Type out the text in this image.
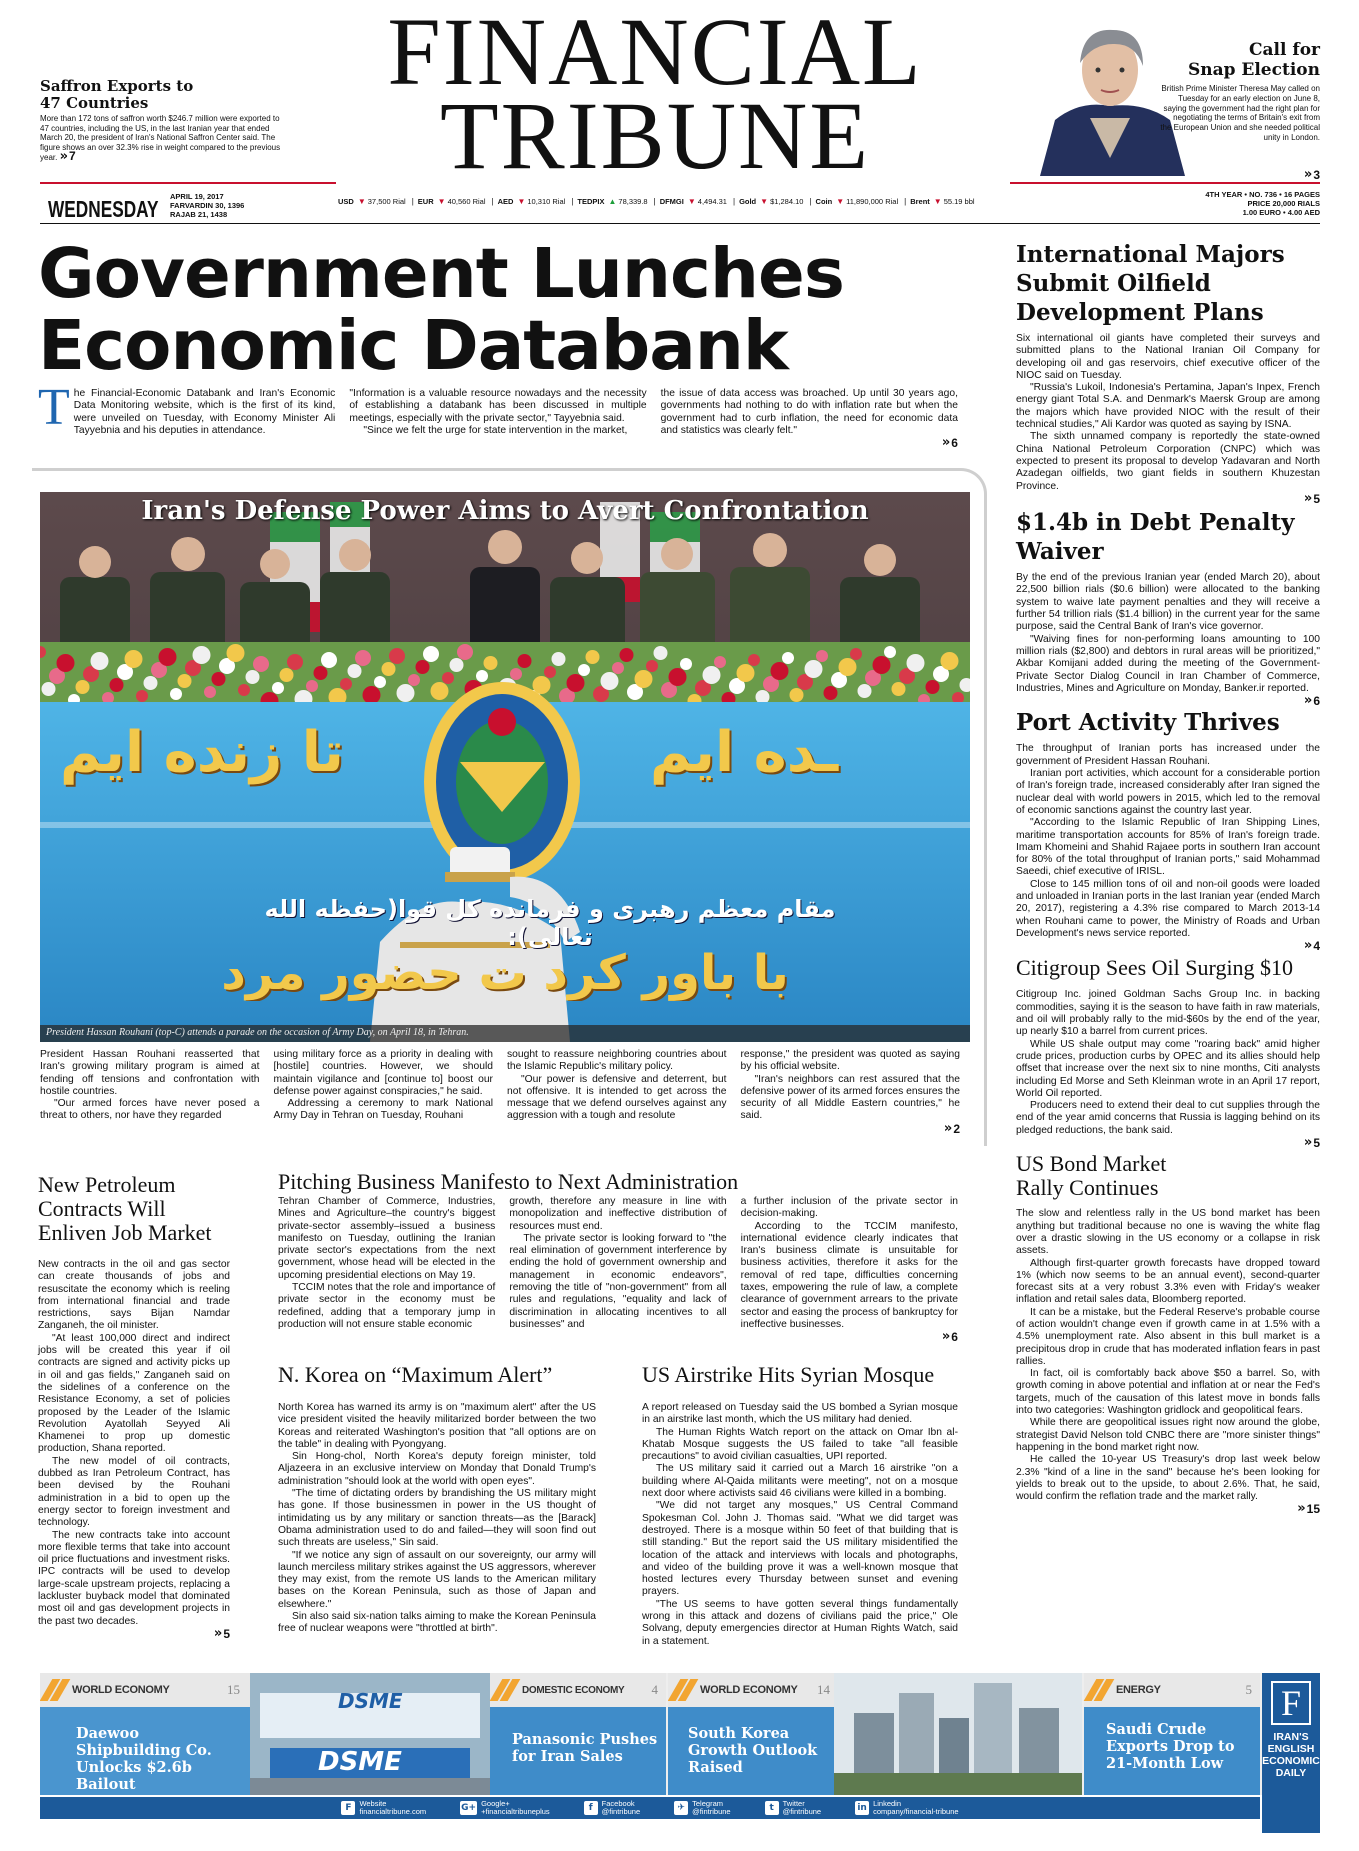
Saffron Exports to 47 Countries
More than 172 tons of saffron worth $246.7 million were exported to 47 countries, including the US, in the last Iranian year that ended March 20, the president of Iran's National Saffron Center said. The figure shows an over 32.3% rise in weight compared to the previous year. » 7
FINANCIAL
TRIBUNE
WEDNESDAY APRIL 19, 2017
FARVARDIN 30, 1396
RAJAB 21, 1438
USD ▼ 37,500 Rial | EUR ▼ 40,560 Rial | AED ▼ 10,310 Rial | TEDPIX ▲ 78,339.8 | DFMGI ▼ 4,494.31 | Gold ▼ $1,284.10 | Coin ▼ 11,890,000 Rial | Brent ▼ 55.19 bbl
4TH YEAR • NO. 736 • 16 PAGES
PRICE 20,000 RIALS
1.00 EURO • 4.00 AED
Call for
Snap Election
British Prime Minister Theresa May called on Tuesday for an early election on June 8, saying the government had the right plan for negotiating the terms of Britain's exit from the European Union and she needed political unity in London.
» 3
Government Lunches
Economic Databank
T he Financial-Economic Databank and Iran's Economic Data Monitoring website, which is the first of its kind, were unveiled on Tuesday, with Economy Minister Ali Tayyebnia and his deputies in attendance.

"Information is a valuable resource nowadays and the necessity of establishing a databank has been discussed in multiple meetings, especially with the private sector," Tayyebnia said.

"Since we felt the urge for state intervention in the market,

the issue of data access was broached. Up until 30 years ago, governments had nothing to do with inflation rate but when the government had to curb inflation, the need for economic data and statistics was clearly felt."
» 6
تا زنده ایم	ـده ایم
مقام معظم رهبری و فرمانده کل قوا(حفظه الله تعالی):
با باور کرد ت حضور مرد
Iran's Defense Power Aims to Avert Confrontation
President Hassan Rouhani (top-C) attends a parade on the occasion of Army Day, on April 18, in Tehran.

President Hassan Rouhani reasserted that Iran's growing military program is aimed at fending off tensions and confrontation with hostile countries.

"Our armed forces have never posed a threat to others, nor have they regarded

using military force as a priority in dealing with [hostile] countries. However, we should maintain vigilance and [continue to] boost our defense power against conspiracies," he said.

Addressing a ceremony to mark National Army Day in Tehran on Tuesday, Rouhani

sought to reassure neighboring countries about the Islamic Republic's military policy.

"Our power is defensive and deterrent, but not offensive. It is intended to get across the message that we defend ourselves against any aggression with a tough and resolute

response," the president was quoted as saying by his official website.

"Iran's neighbors can rest assured that the defensive power of its armed forces ensures the security of all Middle Eastern countries," he said.

» 2
International Majors Submit Oilfield Development Plans

Six international oil giants have completed their surveys and submitted plans to the National Iranian Oil Company for developing oil and gas reservoirs, chief executive officer of the NIOC said on Tuesday.

"Russia's Lukoil, Indonesia's Pertamina, Japan's Inpex, French energy giant Total S.A. and Denmark's Maersk Group are among the majors which have provided NIOC with the result of their technical studies," Ali Kardor was quoted as saying by ISNA.

The sixth unnamed company is reportedly the state-owned China National Petroleum Corporation (CNPC) which was expected to present its proposal to develop Yadavaran and North Azadegan oilfields, two giant fields in southern Khuzestan Province.

» 5
$1.4b in Debt Penalty Waiver

By the end of the previous Iranian year (ended March 20), about 22,500 billion rials ($0.6 billion) were allocated to the banking system to waive late payment penalties and they will receive a further 54 trillion rials ($1.4 billion) in the current year for the same purpose, said the Central Bank of Iran's vice governor.

"Waiving fines for non-performing loans amounting to 100 million rials ($2,800) and debtors in rural areas will be prioritized," Akbar Komijani added during the meeting of the Government-Private Sector Dialog Council in Iran Chamber of Commerce, Industries, Mines and Agriculture on Monday, Banker.ir reported.

» 6
Port Activity Thrives

The throughput of Iranian ports has increased under the government of President Hassan Rouhani.

Iranian port activities, which account for a considerable portion of Iran's foreign trade, increased considerably after Iran signed the nuclear deal with world powers in 2015, which led to the removal of economic sanctions against the country last year.

"According to the Islamic Republic of Iran Shipping Lines, maritime transportation accounts for 85% of Iran's foreign trade. Imam Khomeini and Shahid Rajaee ports in southern Iran account for 80% of the total throughput of Iranian ports," said Mohammad Saeedi, chief executive of IRISL.

Close to 145 million tons of oil and non-oil goods were loaded and unloaded in Iranian ports in the last Iranian year (ended March 20, 2017), registering a 4.3% rise compared to March 2013-14 when Rouhani came to power, the Ministry of Roads and Urban Development's news service reported.

» 4
Citigroup Sees Oil Surging $10

Citigroup Inc. joined Goldman Sachs Group Inc. in backing commodities, saying it is the season to have faith in raw materials, and oil will probably rally to the mid-$60s by the end of the year, up nearly $10 a barrel from current prices.

While US shale output may come "roaring back" amid higher crude prices, production curbs by OPEC and its allies should help offset that increase over the next six to nine months, Citi analysts including Ed Morse and Seth Kleinman wrote in an April 17 report, World Oil reported.

Producers need to extend their deal to cut supplies through the end of the year amid concerns that Russia is lagging behind on its pledged reductions, the bank said.

» 5
US Bond Market Rally Continues

The slow and relentless rally in the US bond market has been anything but traditional because no one is waving the white flag over a drastic slowing in the US economy or a collapse in risk assets.

Although first-quarter growth forecasts have dropped toward 1% (which now seems to be an annual event), second-quarter forecast sits at a very robust 3.3% even with Friday's weaker inflation and retail sales data, Bloomberg reported.

It can be a mistake, but the Federal Reserve's probable course of action wouldn't change even if growth came in at 1.5% with a 4.5% unemployment rate. Also absent in this bull market is a precipitous drop in crude that has moderated inflation fears in past rallies.

In fact, oil is comfortably back above $50 a barrel. So, with growth coming in above potential and inflation at or near the Fed's targets, much of the causation of this latest move in bonds falls into two categories: Washington gridlock and geopolitical fears.

While there are geopolitical issues right now around the globe, strategist David Nelson told CNBC there are "more sinister things" happening in the bond market right now.

He called the 10-year US Treasury's drop last week below 2.3% "kind of a line in the sand" because he's been looking for yields to break out to the upside, to about 2.6%. That, he said, would confirm the reflation trade and the market rally.

» 15
New Petroleum Contracts Will Enliven Job Market

New contracts in the oil and gas sector can create thousands of jobs and resuscitate the economy which is reeling from international financial and trade restrictions, says Bijan Namdar Zanganeh, the oil minister.

"At least 100,000 direct and indirect jobs will be created this year if oil contracts are signed and activity picks up in oil and gas fields," Zanganeh said on the sidelines of a conference on the Resistance Economy, a set of policies proposed by the Leader of the Islamic Revolution Ayatollah Seyyed Ali Khamenei to prop up domestic production, Shana reported.

The new model of oil contracts, dubbed as Iran Petroleum Contract, has been devised by the Rouhani administration in a bid to open up the energy sector to foreign investment and technology.

The new contracts take into account more flexible terms that take into account oil price fluctuations and investment risks. IPC contracts will be used to develop large-scale upstream projects, replacing a lackluster buyback model that dominated most oil and gas development projects in the past two decades.

» 5
Pitching Business Manifesto to Next Administration

Tehran Chamber of Commerce, Industries, Mines and Agriculture–the country's biggest private-sector assembly–issued a business manifesto on Tuesday, outlining the Iranian private sector's expectations from the next government, whose head will be elected in the upcoming presidential elections on May 19.

TCCIM notes that the role and importance of private sector in the economy must be redefined, adding that a temporary jump in production will not ensure stable economic

growth, therefore any measure in line with monopolization and ineffective distribution of resources must end.

The private sector is looking forward to "the real elimination of government interference by ending the hold of government ownership and management in economic endeavors", removing the title of "non-government" from all rules and regulations, "equality and lack of discrimination in allocating incentives to all businesses" and

a further inclusion of the private sector in decision-making.

According to the TCCIM manifesto, international evidence clearly indicates that Iran's business climate is unsuitable for business activities, therefore it asks for the removal of red tape, difficulties concerning taxes, empowering the rule of law, a complete clearance of government arrears to the private sector and easing the process of bankruptcy for ineffective businesses.

» 6
N. Korea on “Maximum Alert”

North Korea has warned its army is on "maximum alert" after the US vice president visited the heavily militarized border between the two Koreas and reiterated Washington's position that "all options are on the table" in dealing with Pyongyang.

Sin Hong-chol, North Korea's deputy foreign minister, told Aljazeera in an exclusive interview on Monday that Donald Trump's administration "should look at the world with open eyes".

"The time of dictating orders by brandishing the US military might has gone. If those businessmen in power in the US thought of intimidating us by any military or sanction threats—as the [Barack] Obama administration used to do and failed—they will soon find out such threats are useless," Sin said.

"If we notice any sign of assault on our sovereignty, our army will launch merciless military strikes against the US aggressors, wherever they may exist, from the remote US lands to the American military bases on the Korean Peninsula, such as those of Japan and elsewhere."

Sin also said six-nation talks aiming to make the Korean Peninsula free of nuclear weapons were "throttled at birth".

US Airstrike Hits Syrian Mosque

A report released on Tuesday said the US bombed a Syrian mosque in an airstrike last month, which the US military had denied.

The Human Rights Watch report on the attack on Omar Ibn al-Khatab Mosque suggests the US failed to take "all feasible precautions" to avoid civilian casualties, UPI reported.

The US military said it carried out a March 16 airstrike "on a building where Al-Qaida militants were meeting", not on a mosque next door where activists said 46 civilians were killed in a bombing.

"We did not target any mosques," US Central Command Spokesman Col. John J. Thomas said. "What we did target was destroyed. There is a mosque within 50 feet of that building that is still standing." But the report said the US military misidentified the location of the attack and interviews with locals and photographs, and video of the building prove it was a well-known mosque that hosted lectures every Thursday between sunset and evening prayers.

"The US seems to have gotten several things fundamentally wrong in this attack and dozens of civilians paid the price," Ole Solvang, deputy emergencies director at Human Rights Watch, said in a statement.

WORLD ECONOMY	15
Daewoo Shipbuilding Co. Unlocks $2.6b Bailout
DSME
DSME
DOMESTIC ECONOMY 4
Panasonic Pushes for Iran Sales
WORLD ECONOMY 14
South Korea Growth Outlook Raised
ENERGY	5
Saudi Crude Exports Drop to 21-Month Low
F
IRAN'S
ENGLISH
ECONOMIC
DAILY
F	Website
financialtribune.com	G+ Google+
+financialtribuneplus	f	Facebook
@fintribune	✈ Telegram
@fintribune	t	Twitter
@fintribune	in Linkedin
company/financial-tribune
